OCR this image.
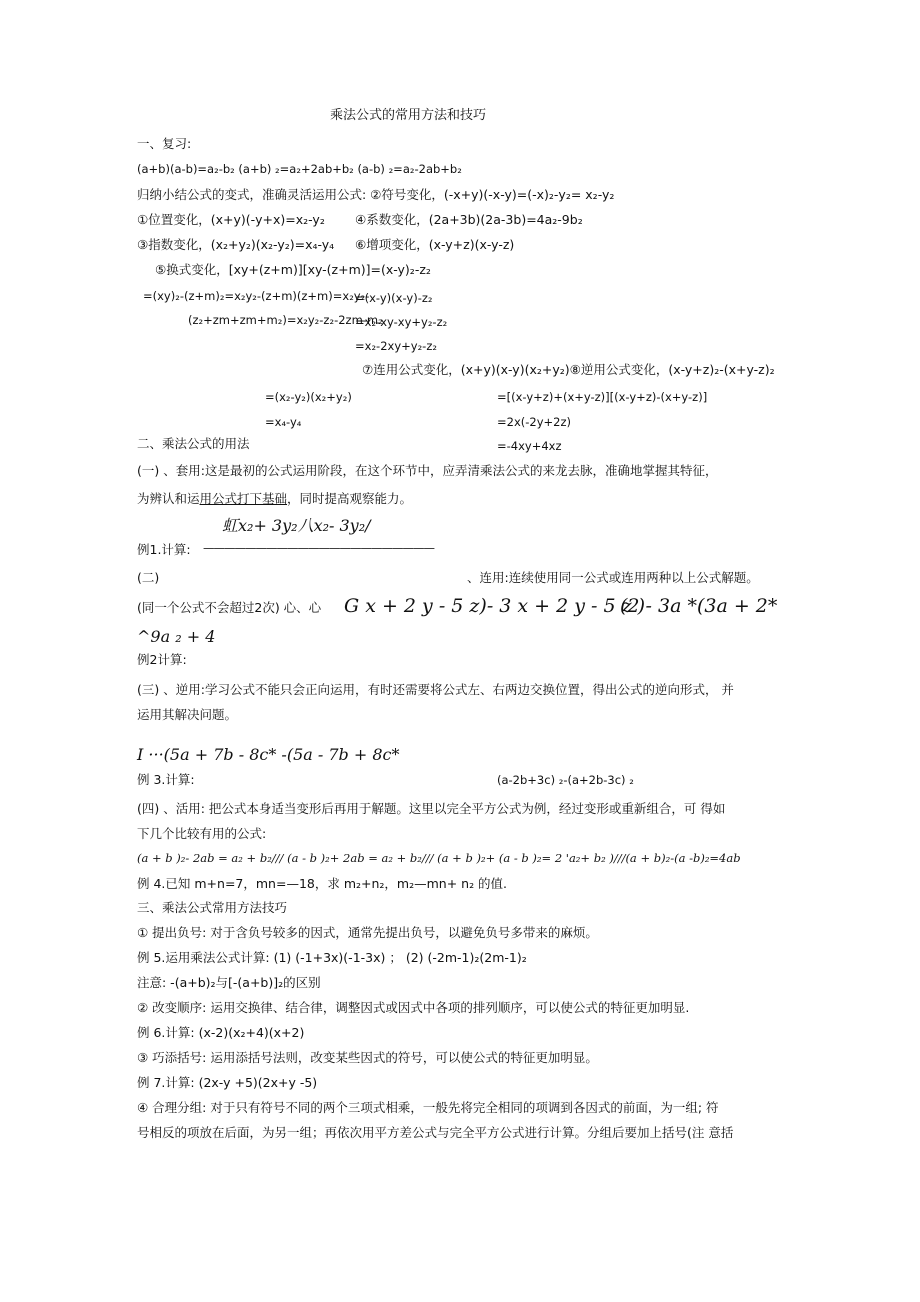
乘法公式的常用方法和技巧
一、复习:
(a+b)(a-b)=a₂-b₂ (a+b) ₂=a₂+2ab+b₂ (a-b) ₂=a₂-2ab+b₂
归纳小结公式的变式，准确灵活运用公式: ②符号变化，(-x+y)(-x-y)=(-x)₂-y₂= x₂-y₂
①位置变化，(x+y)(-y+x)=x₂-y₂ ④系数变化，(2a+3b)(2a-3b)=4a₂-9b₂
③指数变化，(x₂+y₂)(x₂-y₂)=x₄-y₄ ⑥增项变化，(x-y+z)(x-y-z)
⑤换式变化，[xy+(z+m)][xy-(z+m)]=(x-y)₂-z₂
=(xy)₂-(z+m)₂=x₂y₂-(z+m)(z+m)=x₂y₂-
=(x-y)(x-y)-z₂
(z₂+zm+zm+m₂)=x₂y₂-z₂-2zm-m₂
=x₂-xy-xy+y₂-z₂
=x₂-2xy+y₂-z₂
⑦连用公式变化，(x+y)(x-y)(x₂+y₂)⑧逆用公式变化，(x-y+z)₂-(x+y-z)₂
=(x₂-y₂)(x₂+y₂)	=[(x-y+z)+(x+y-z)][(x-y+z)-(x+y-z)]
=x₄-y₄	=2x(-2y+2z)
二、乘法公式的用法	=-4xy+4xz
(一) 、套用:这是最初的公式运用阶段，在这个环节中，应弄清乘法公式的来龙去脉，准确地掌握其特征，
为辨认和运用公式打下基础，同时提高观察能力。
虹x₂+ 3y₂八x₂- 3y₂/
例1.计算: ——————————————————————
(二)	、连用:连续使用同一公式或连用两种以上公式解题。
(同一个公式不会超过2次) 心、心 G x + 2 y - 5 z)- 3 x + 2 y - 5 z )
(2 - 3a *(3a + 2*
^9a ₂ + 4
例2计算:
(三) 、逆用:学习公式不能只会正向运用，有时还需要将公式左、右两边交换位置，得出公式的逆向形式， 并
运用其解决问题。
I ···(5a + 7b - 8c* -(5a - 7b + 8c*
例 3.计算:	(a-2b+3c) ₂-(a+2b-3c) ₂
(四) 、活用: 把公式本身适当变形后再用于解题。这里以完全平方公式为例，经过变形或重新组合，可 得如
下几个比较有用的公式:
(a + b )₂- 2ab = a₂ + b₂/// (a - b )₂+ 2ab = a₂ + b₂/// (a + b )₂+ (a - b )₂= 2 'a₂+ b₂ )///(a + b)₂-(a -b)₂=4ab
例 4.已知 m+n=7，mn=—18，求 m₂+n₂，m₂—mn+ n₂ 的值.
三、乘法公式常用方法技巧
① 提出负号: 对于含负号较多的因式，通常先提出负号，以避免负号多带来的麻烦。
例 5.运用乘法公式计算: (1) (-1+3x)(-1-3x) ； (2) (-2m-1)₂(2m-1)₂
注意: -(a+b)₂与[-(a+b)]₂的区别
② 改变顺序: 运用交换律、结合律，调整因式或因式中各项的排列顺序，可以使公式的特征更加明显.
例 6.计算: (x-2)(x₂+4)(x+2)
③ 巧添括号: 运用添括号法则，改变某些因式的符号，可以使公式的特征更加明显。
例 7.计算: (2x-y +5)(2x+y -5)
④ 合理分组: 对于只有符号不同的两个三项式相乘，一般先将完全相同的项调到各因式的前面，为一组; 符
号相反的项放在后面，为另一组；再依次用平方差公式与完全平方公式进行计算。分组后要加上括号(注 意括
